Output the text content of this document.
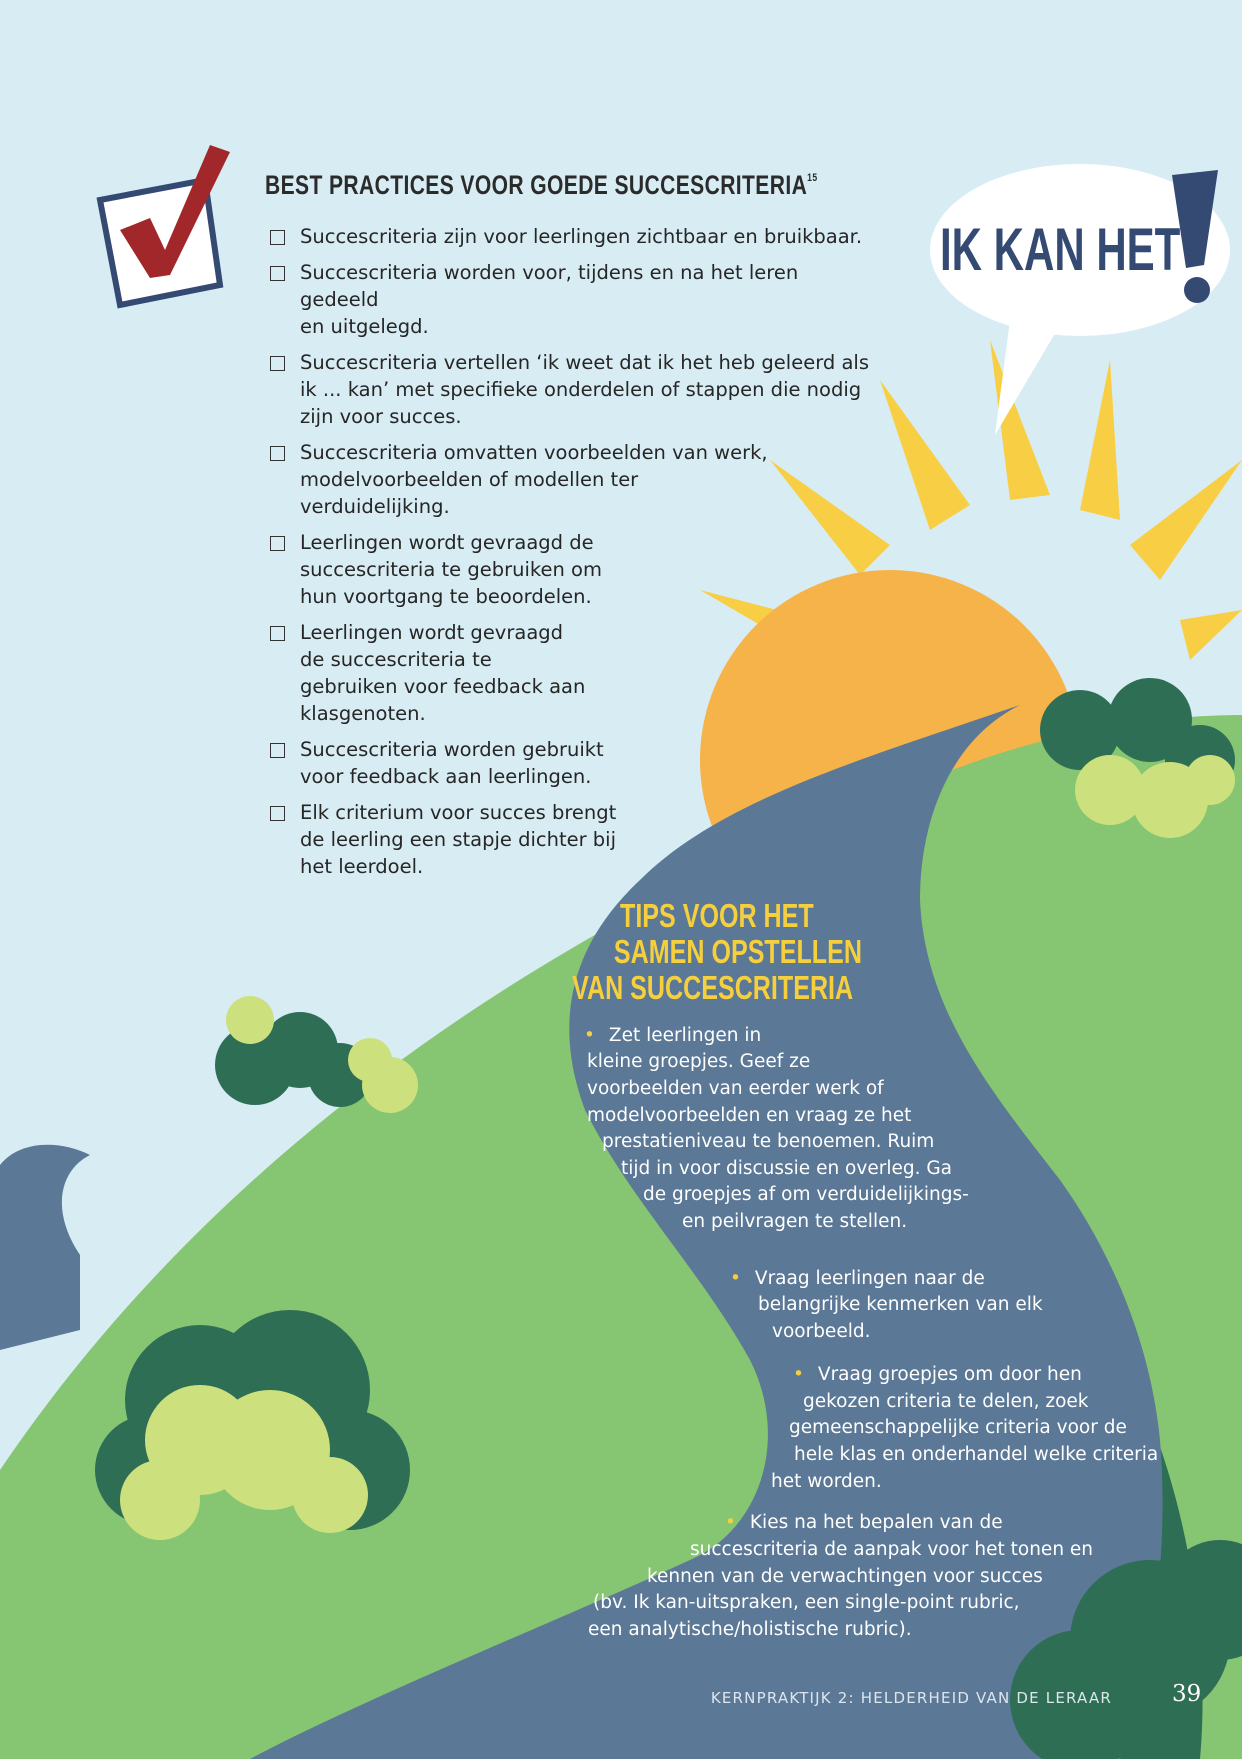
BEST PRACTICES VOOR GOEDE SUCCESCRITERIA$^{15}$
Succescriteria zijn voor leerlingen zichtbaar en bruikbaar.
Succescriteria worden voor, tijdens en na het leren gedeeld
en uitgelegd.
Succescriteria vertellen ‘ik weet dat ik het heb geleerd als
ik ... kan’ met specifieke onderdelen of stappen die nodig
zijn voor succes.
Succescriteria omvatten voorbeelden van werk,
modelvoorbeelden of modellen ter
verduidelijking.
Leerlingen wordt gevraagd de
succescriteria te gebruiken om
hun voortgang te beoordelen.
Leerlingen wordt gevraagd
de succescriteria te
gebruiken voor feedback aan
klasgenoten.
Succescriteria worden gebruikt
voor feedback aan leerlingen.
Elk criterium voor succes brengt
de leerling een stapje dichter bij
het leerdoel.
IK KAN HET
TIPS VOOR HET
SAMEN OPSTELLEN
VAN SUCCESCRITERIA
• Zet leerlingen in
kleine groepjes. Geef ze
voorbeelden van eerder werk of
modelvoorbeelden en vraag ze het
prestatieniveau te benoemen. Ruim
tijd in voor discussie en overleg. Ga
de groepjes af om verduidelijkings-
en peilvragen te stellen.
• Vraag leerlingen naar de
belangrijke kenmerken van elk
voorbeeld.
• Vraag groepjes om door hen
gekozen criteria te delen, zoek
gemeenschappelijke criteria voor de
hele klas en onderhandel welke criteria
het worden.
• Kies na het bepalen van de
succescriteria de aanpak voor het tonen en
kennen van de verwachtingen voor succes
(bv. Ik kan-uitspraken, een single-point rubric,
een analytische/holistische rubric).
KERNPRAKTIJK 2: HELDERHEID VAN DE LERAAR	39
